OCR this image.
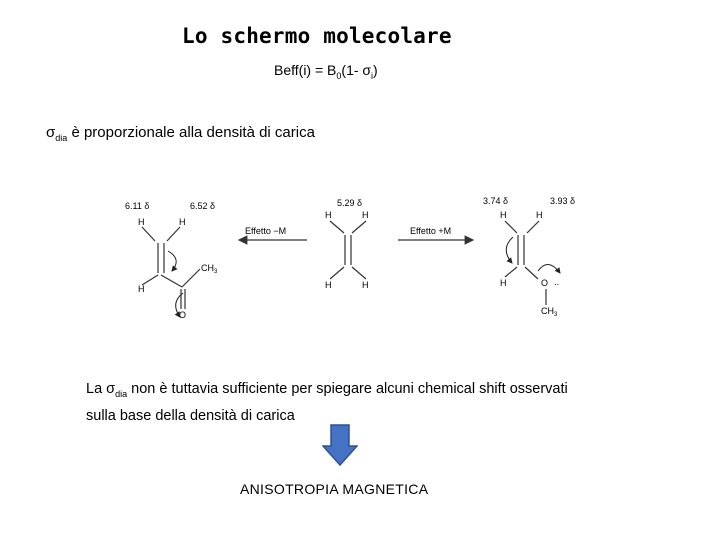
Lo schermo molecolare
Beff(i) = $B_0(1-$ $\sigma_i$)
$\sigma_{dia}$ è proporzionale alla densità di carica
6.11 δ	6.52 δ
H	H
H
$CH_3$
O
Effetto −M
5.29 δ
H	H
H	H
Effetto +M
3.74 δ	3.93 δ
H	H
H	O
$CH_3$
..
La $\sigma_{dia}$ non è tuttavia sufficiente per spiegare alcuni chemical shift osservati
sulla base della densità di carica
ANISOTROPIA MAGNETICA
